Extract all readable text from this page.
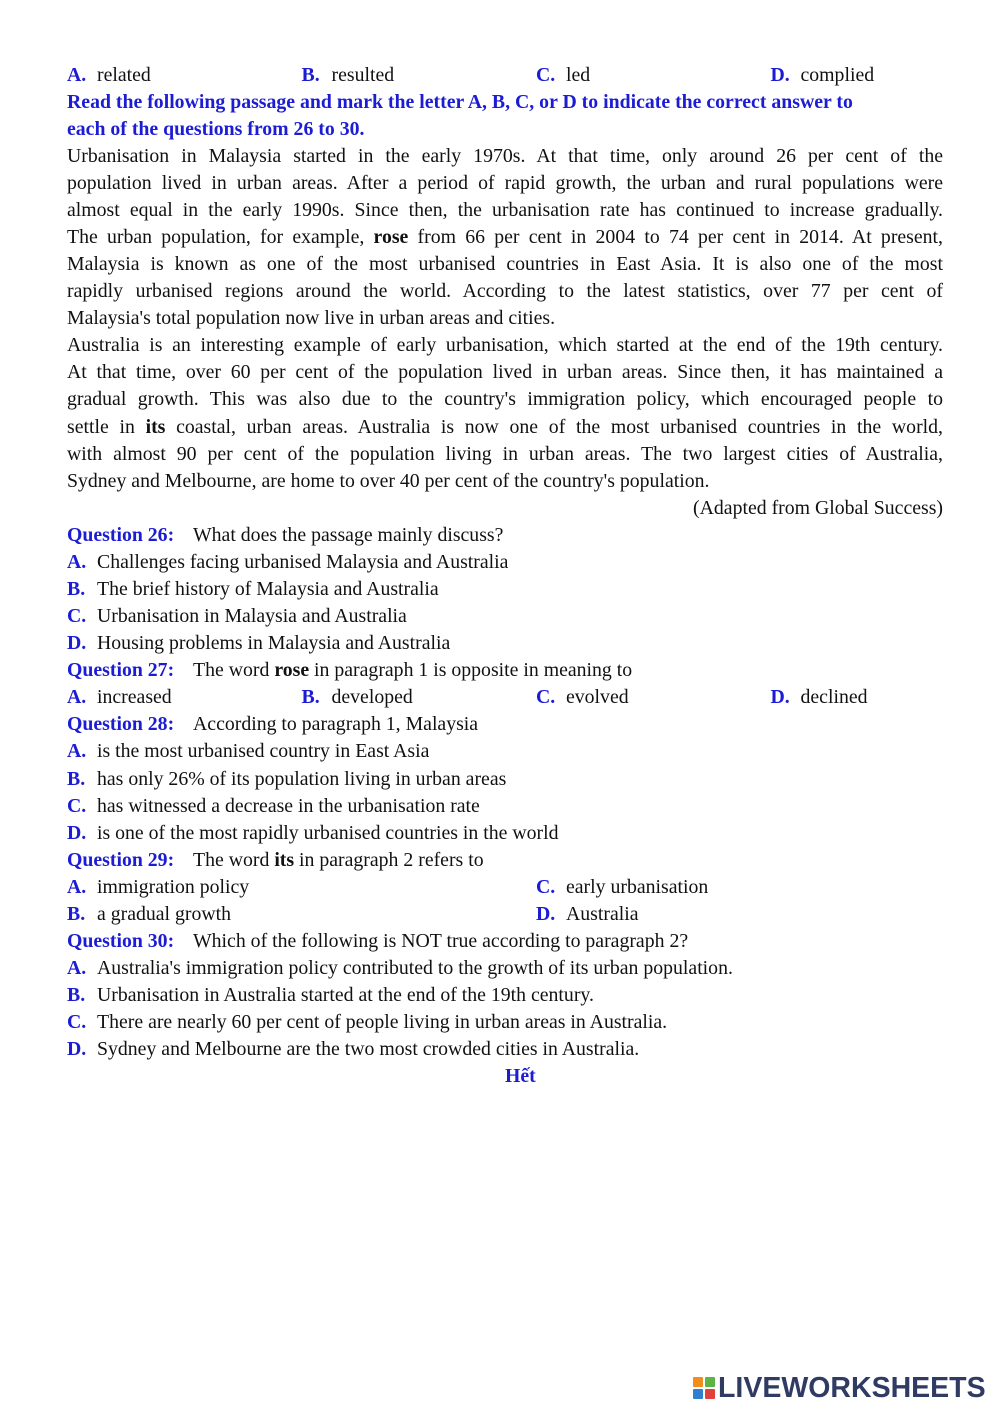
A. related	B. resulted	C. led	D. complied
Read the following passage and mark the letter A, B, C, or D to indicate the correct answer to
each of the questions from 26 to 30.
Urbanisation in Malaysia started in the early 1970s. At that time, only around 26 per cent of the
population lived in urban areas. After a period of rapid growth, the urban and rural populations were
almost equal in the early 1990s. Since then, the urbanisation rate has continued to increase gradually.
The urban population, for example, rose from 66 per cent in 2004 to 74 per cent in 2014. At present,
Malaysia is known as one of the most urbanised countries in East Asia. It is also one of the most
rapidly urbanised regions around the world. According to the latest statistics, over 77 per cent of
Malaysia's total population now live in urban areas and cities.
Australia is an interesting example of early urbanisation, which started at the end of the 19th century.
At that time, over 60 per cent of the population lived in urban areas. Since then, it has maintained a
gradual growth. This was also due to the country's immigration policy, which encouraged people to
settle in its coastal, urban areas. Australia is now one of the most urbanised countries in the world,
with almost 90 per cent of the population living in urban areas. The two largest cities of Australia,
Sydney and Melbourne, are home to over 40 per cent of the country's population.
(Adapted from Global Success)
Question 26: What does the passage mainly discuss?
A. Challenges facing urbanised Malaysia and Australia
B. The brief history of Malaysia and Australia
C. Urbanisation in Malaysia and Australia
D. Housing problems in Malaysia and Australia
Question 27: The word rose in paragraph 1 is opposite in meaning to
A. increased	B. developed	C. evolved	D. declined
Question 28: According to paragraph 1, Malaysia
A. is the most urbanised country in East Asia
B. has only 26% of its population living in urban areas
C. has witnessed a decrease in the urbanisation rate
D. is one of the most rapidly urbanised countries in the world
Question 29: The word its in paragraph 2 refers to
A. immigration policy	C. early urbanisation
B. a gradual growth	D. Australia
Question 30: Which of the following is NOT true according to paragraph 2?
A. Australia's immigration policy contributed to the growth of its urban population.
B. Urbanisation in Australia started at the end of the 19th century.
C. There are nearly 60 per cent of people living in urban areas in Australia.
D. Sydney and Melbourne are the two most crowded cities in Australia.
Hết
LIVEWORKSHEETS
